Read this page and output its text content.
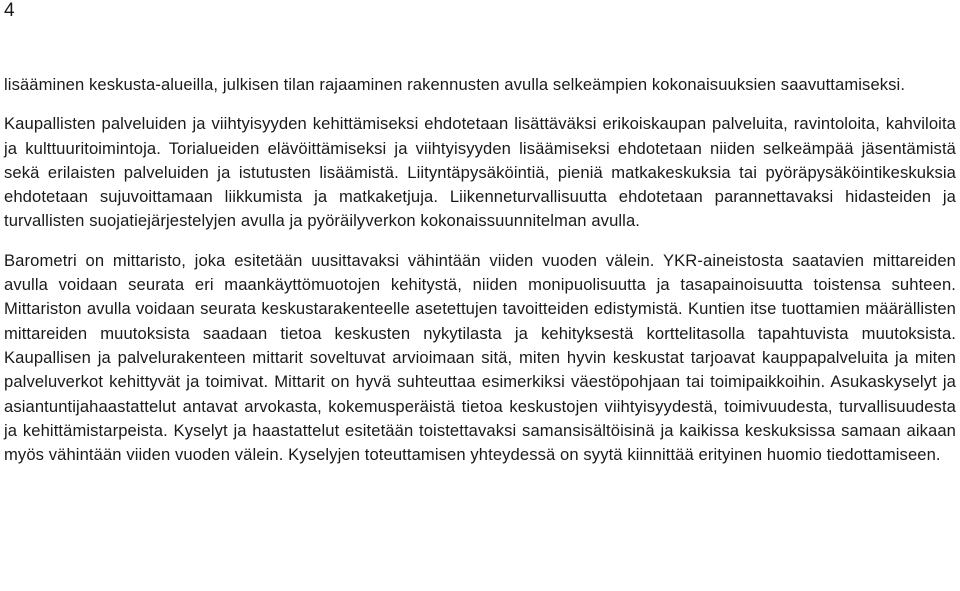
4

lisääminen keskusta-alueilla, julkisen tilan rajaaminen rakennusten avulla selkeämpien kokonaisuuksien saavuttamiseksi.

Kaupallisten palveluiden ja viihtyisyyden kehittämiseksi ehdotetaan lisättäväksi erikoiskaupan palveluita, ravintoloita, kahviloita ja kulttuuritoimintoja. Torialueiden elävöittämiseksi ja viihtyisyyden lisäämiseksi ehdotetaan niiden selkeämpää jäsentämistä sekä erilaisten palveluiden ja istutusten lisäämistä. Liityntäpysäköintiä, pieniä matkakeskuksia tai pyöräpysäköintikeskuksia ehdotetaan sujuvoittamaan liikkumista ja matkaketjuja. Liikenneturvallisuutta ehdotetaan parannettavaksi hidasteiden ja turvallisten suojatiejärjestelyjen avulla ja pyöräilyverkon kokonaissuunnitelman avulla.

Barometri on mittaristo, joka esitetään uusittavaksi vähintään viiden vuoden välein. YKR-aineistosta saatavien mittareiden avulla voidaan seurata eri maankäyttömuotojen kehitystä, niiden monipuolisuutta ja tasapainoisuutta toistensa suhteen. Mittariston avulla voidaan seurata keskustarakenteelle asetettujen tavoitteiden edistymistä. Kuntien itse tuottamien määrällisten mittareiden muutoksista saadaan tietoa keskusten nykytilasta ja kehityksestä korttelitasolla tapahtuvista muutoksista. Kaupallisen ja palvelurakenteen mittarit soveltuvat arvioimaan sitä, miten hyvin keskustat tarjoavat kauppapalveluita ja miten palveluverkot kehittyvät ja toimivat. Mittarit on hyvä suhteuttaa esimerkiksi väestöpohjaan tai toimipaikkoihin. Asukaskyselyt ja asiantuntijahaastattelut antavat arvokasta, kokemusperäistä tietoa keskustojen viihtyisyydestä, toimivuudesta, turvallisuudesta ja kehittämistarpeista. Kyselyt ja haastattelut esitetään toistettavaksi samansisältöisinä ja kaikissa keskuksissa samaan aikaan myös vähintään viiden vuoden välein. Kyselyjen toteuttamisen yhteydessä on syytä kiinnittää erityinen huomio tiedottamiseen.
